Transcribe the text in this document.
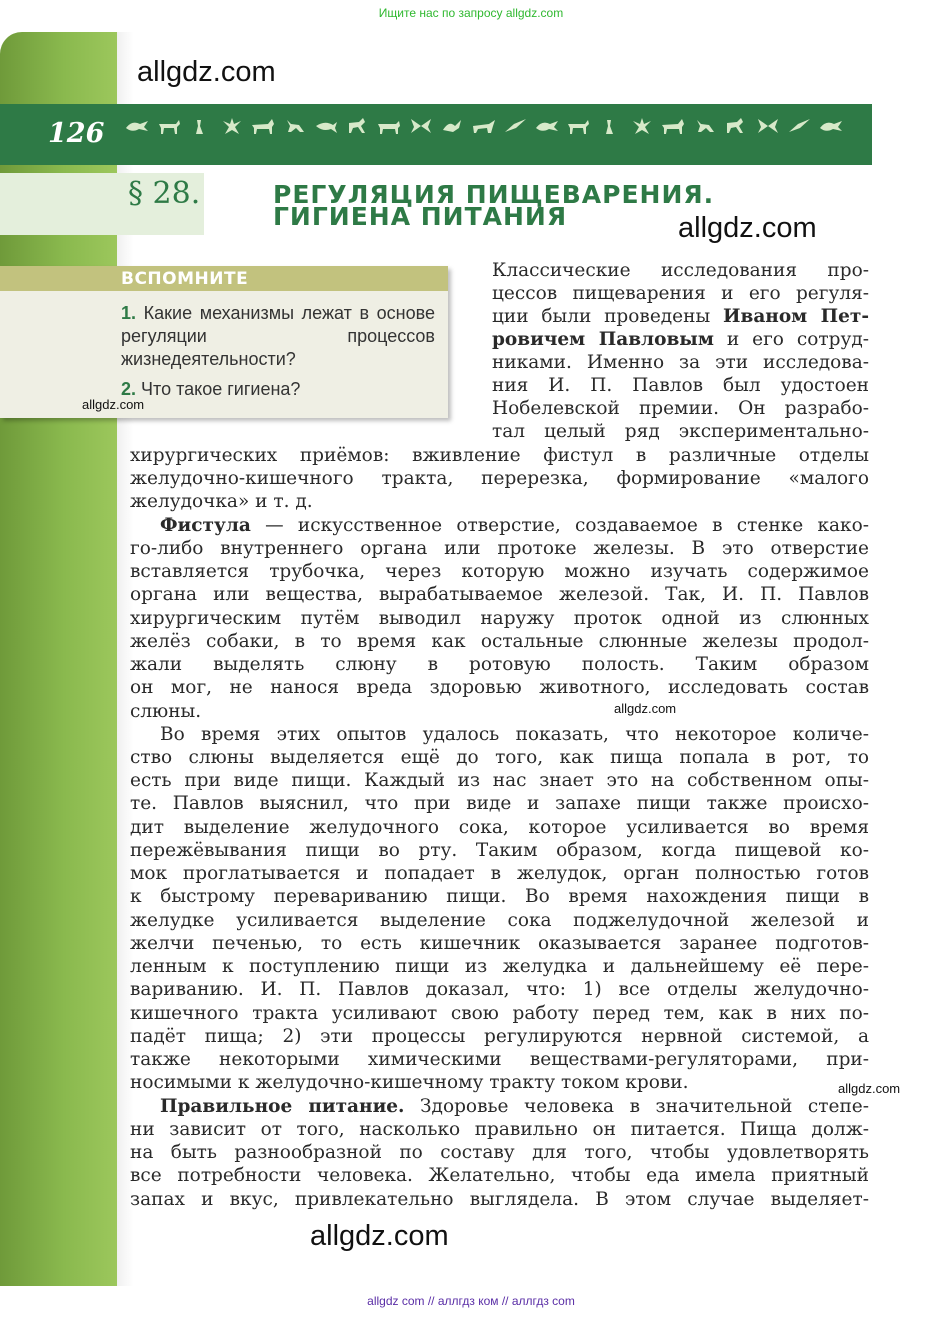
Ищите нас по запросу allgdz.com
allgdz.com
126
§ 28.	РЕГУЛЯЦИЯ ПИЩЕВАРЕНИЯ.
ГИГИЕНА ПИТАНИЯ	allgdz.com
ВСПОМНИТЕ
1. Какие механизмы лежат в основе регуляции процессов жизнедеятельности?
2. Что такое гигиена?
allgdz.com
Классические исследования про-
цессов пищеварения и его регуля-
ции были проведены Иваном Пет-
ровичем Павловым и его сотруд-
никами. Именно за эти исследова-
ния И. П. Павлов был удостоен
Нобелевской премии. Он разрабо-
тал целый ряд экспериментально-
хирургических приёмов: вживление фистул в различные отделы
желудочно-кишечного тракта, перерезка, формирование «малого
желудочка» и т. д.
Фистула — искусственное отверстие, создаваемое в стенке како-
го-либо внутреннего органа или протоке железы. В это отверстие
вставляется трубочка, через которую можно изучать содержимое
органа или вещества, вырабатываемое железой. Так, И. П. Павлов
хирургическим путём выводил наружу проток одной из слюнных
желёз собаки, в то время как остальные слюнные железы продол-
жали выделять слюну в ротовую полость. Таким образом
он мог, не нанося вреда здоровью животного, исследовать состав
слюны.	allgdz.com
Во время этих опытов удалось показать, что некоторое количе-
ство слюны выделяется ещё до того, как пища попала в рот, то
есть при виде пищи. Каждый из нас знает это на собственном опы-
те. Павлов выяснил, что при виде и запахе пищи также происхо-
дит выделение желудочного сока, которое усиливается во время
пережёвывания пищи во рту. Таким образом, когда пищевой ко-
мок проглатывается и попадает в желудок, орган полностью готов
к быстрому перевариванию пищи. Во время нахождения пищи в
желудке усиливается выделение сока поджелудочной железой и
желчи печенью, то есть кишечник оказывается заранее подготов-
ленным к поступлению пищи из желудка и дальнейшему её пере-
вариванию. И. П. Павлов доказал, что: 1) все отделы желудочно-
кишечного тракта усиливают свою работу перед тем, как в них по-
падёт пища; 2) эти процессы регулируются нервной системой, а
также некоторыми химическими веществами-регуляторами, при-
носимыми к желудочно-кишечному тракту током крови.	allgdz.com
Правильное питание. Здоровье человека в значительной степе-
ни зависит от того, насколько правильно он питается. Пища долж-
на быть разнообразной по составу для того, чтобы удовлетворять
все потребности человека. Желательно, чтобы еда имела приятный
запах и вкус, привлекательно выглядела. В этом случае выделяет-
allgdz.com
allgdz com // аллгдз ком // аллгдз com
